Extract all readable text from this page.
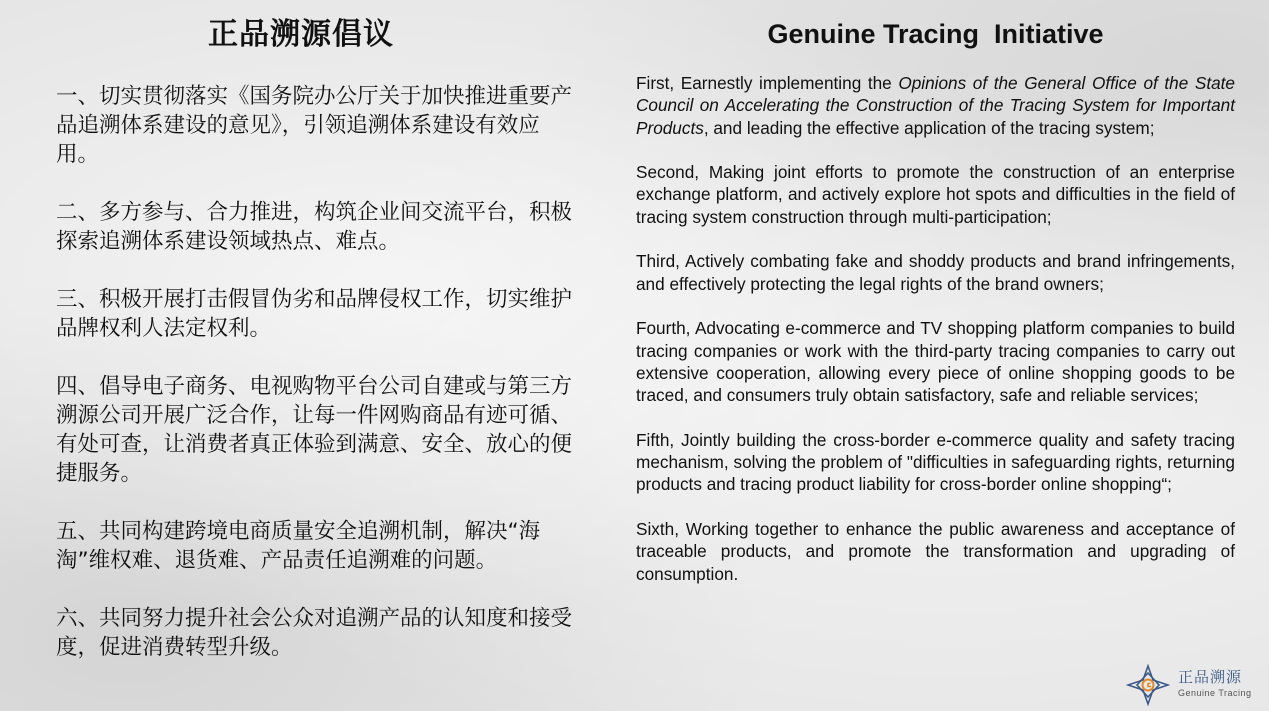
正品溯源倡议

一、切实贯彻落实《国务院办公厅关于加快推进重要产品追溯体系建设的意见》，引领追溯体系建设有效应用。

二、多方参与、合力推进，构筑企业间交流平台，积极探索追溯体系建设领域热点、难点。

三、积极开展打击假冒伪劣和品牌侵权工作，切实维护品牌权利人法定权利。

四、倡导电子商务、电视购物平台公司自建或与第三方溯源公司开展广泛合作，让每一件网购商品有迹可循、有处可查，让消费者真正体验到满意、安全、放心的便捷服务。

五、共同构建跨境电商质量安全追溯机制，解决“海淘”维权难、退货难、产品责任追溯难的问题。

六、共同努力提升社会公众对追溯产品的认知度和接受度，促进消费转型升级。

Genuine Tracing  Initiative

First, Earnestly implementing the Opinions of the General Office of the State Council on Accelerating the Construction of the Tracing System for Important Products, and leading the effective application of the tracing system;

Second, Making joint efforts to promote the construction of an enterprise exchange platform, and actively explore hot spots and difficulties in the field of tracing system construction through multi-participation;

Third, Actively combating fake and shoddy products and brand infringements, and effectively protecting the legal rights of the brand owners;

Fourth, Advocating e-commerce and TV shopping platform companies to build tracing companies or work with the third-party tracing companies to carry out extensive cooperation, allowing every piece of online shopping goods to be traced, and consumers truly obtain satisfactory, safe and reliable services;

Fifth, Jointly building the cross-border e-commerce quality and safety tracing mechanism, solving the problem of "difficulties in safeguarding rights, returning products and tracing product liability for cross-border online shopping“;

Sixth, Working together to enhance the public awareness and acceptance of traceable products, and promote the transformation and upgrading of consumption.

正品溯源
Genuine Tracing
